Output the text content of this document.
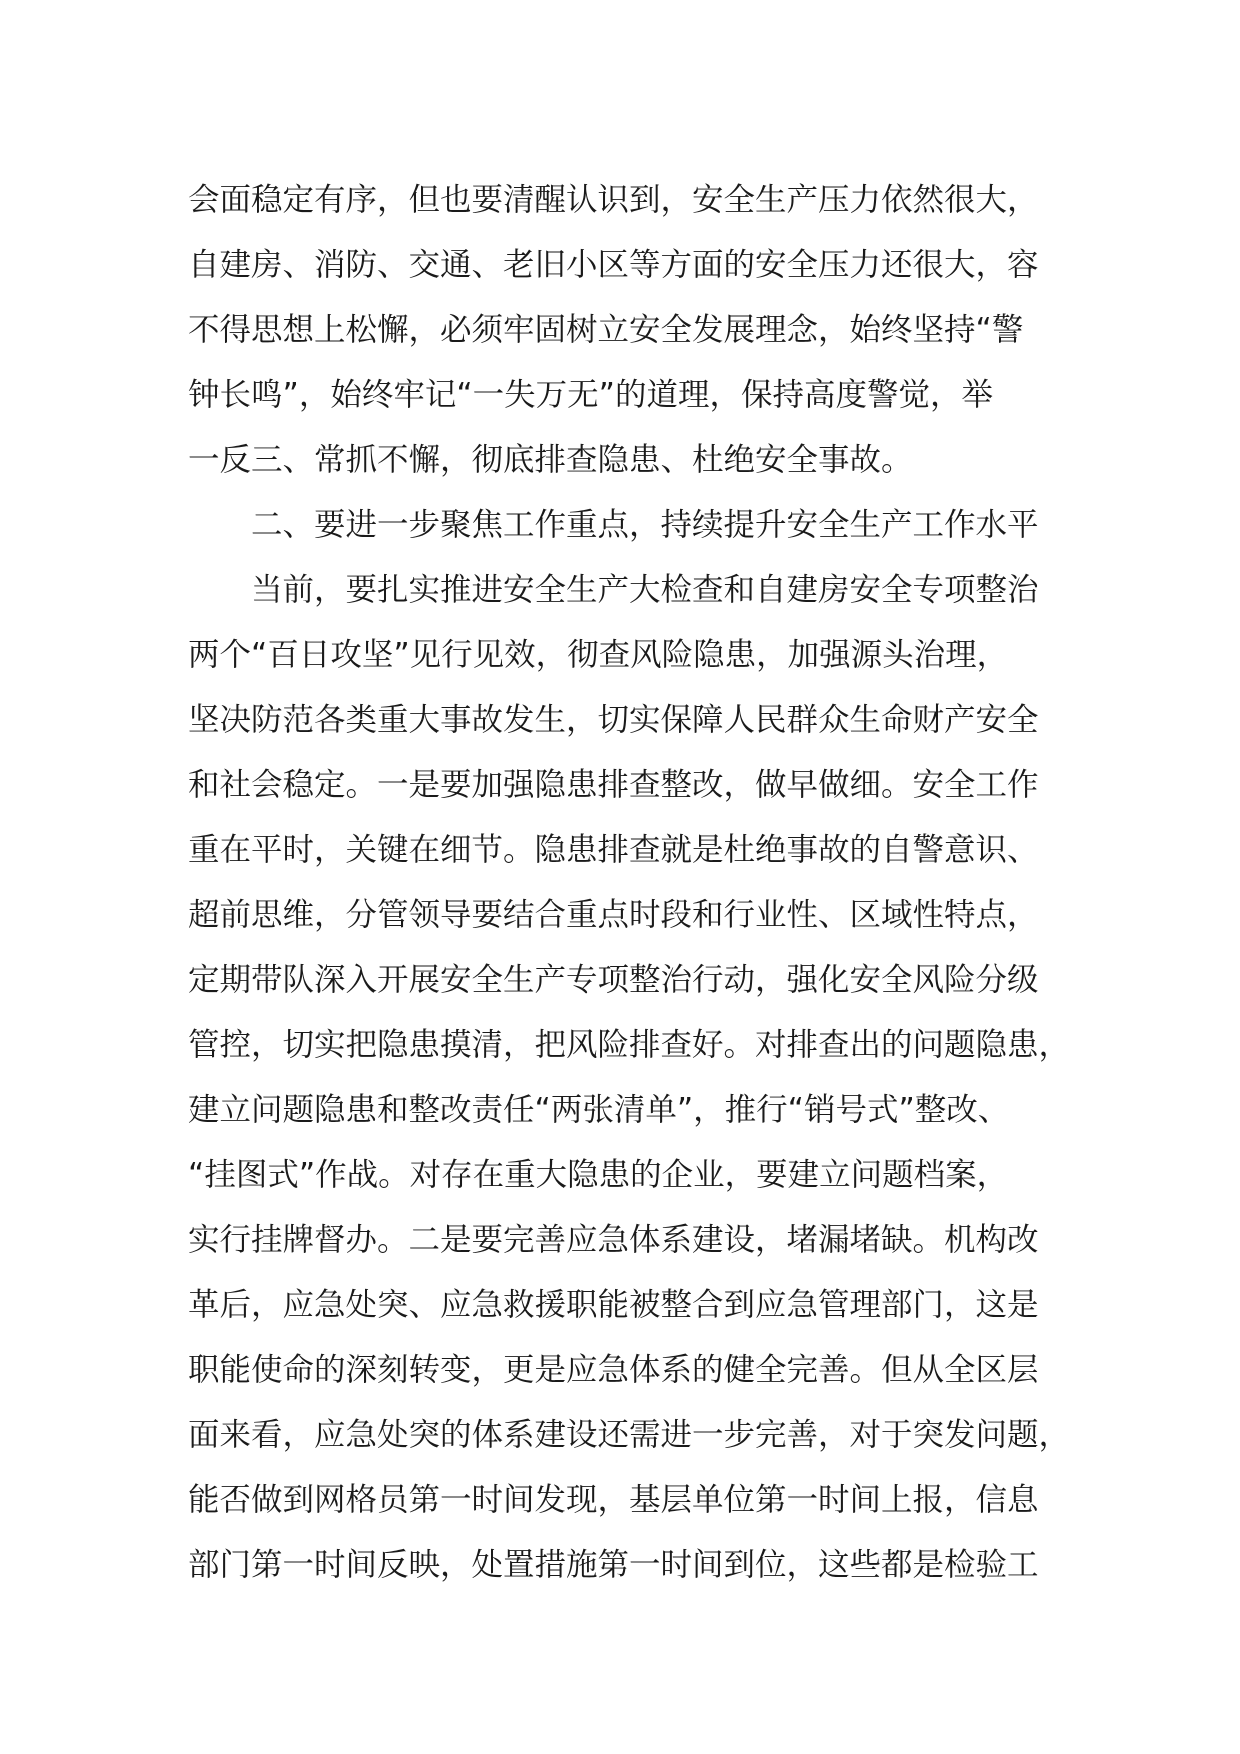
会面稳定有序，但也要清醒认识到，安全生产压力依然很大，
自建房、消防、交通、老旧小区等方面的安全压力还很大，容
不得思想上松懈，必须牢固树立安全发展理念，始终坚持“警
钟长鸣”，始终牢记“一失万无”的道理，保持高度警觉，举
一反三、常抓不懈，彻底排查隐患、杜绝安全事故。
　　二、要进一步聚焦工作重点，持续提升安全生产工作水平
　　当前，要扎实推进安全生产大检查和自建房安全专项整治
两个“百日攻坚”见行见效，彻查风险隐患，加强源头治理，
坚决防范各类重大事故发生，切实保障人民群众生命财产安全
和社会稳定。一是要加强隐患排查整改，做早做细。安全工作
重在平时，关键在细节。隐患排查就是杜绝事故的自警意识、
超前思维，分管领导要结合重点时段和行业性、区域性特点，
定期带队深入开展安全生产专项整治行动，强化安全风险分级
管控，切实把隐患摸清，把风险排查好。对排查出的问题隐患，
建立问题隐患和整改责任“两张清单”，推行“销号式”整改、
“挂图式”作战。对存在重大隐患的企业，要建立问题档案，
实行挂牌督办。二是要完善应急体系建设，堵漏堵缺。机构改
革后，应急处突、应急救援职能被整合到应急管理部门，这是
职能使命的深刻转变，更是应急体系的健全完善。但从全区层
面来看，应急处突的体系建设还需进一步完善，对于突发问题，
能否做到网格员第一时间发现，基层单位第一时间上报，信息
部门第一时间反映，处置措施第一时间到位，这些都是检验工
